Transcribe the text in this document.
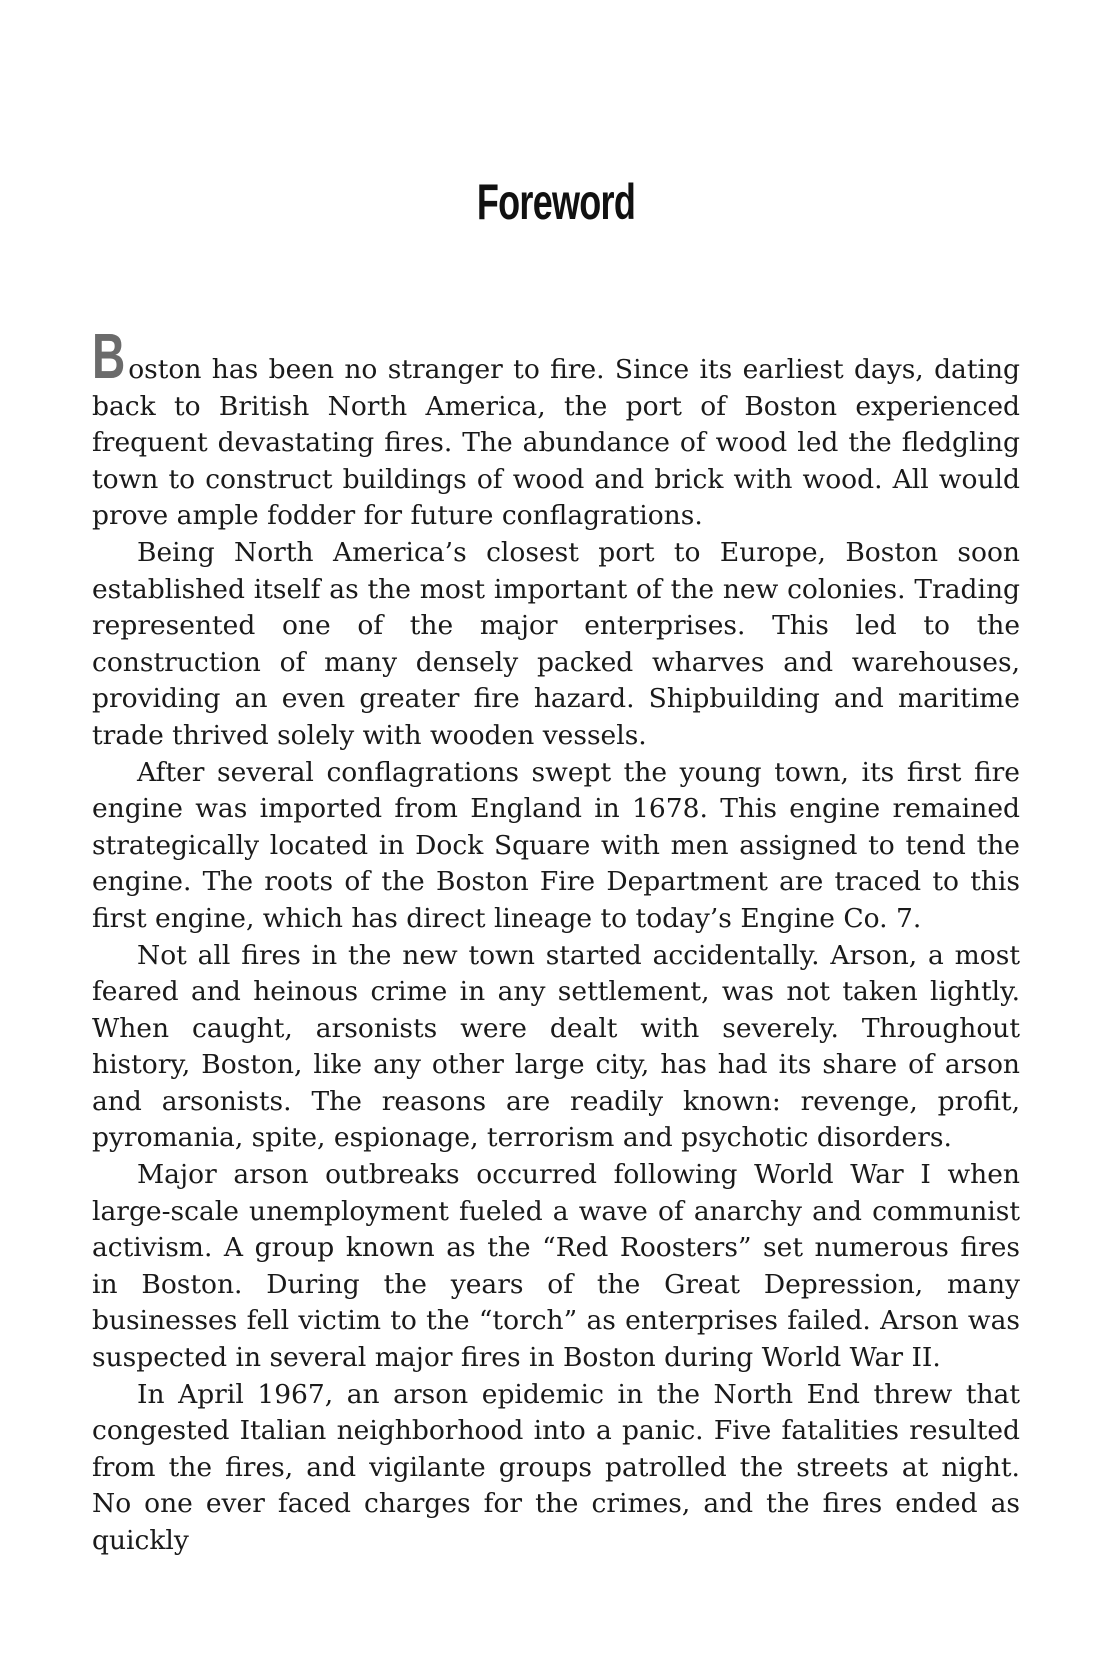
Foreword

Boston has been no stranger to fire. Since its earliest days, dating back to British North America, the port of Boston experienced frequent devastating fires. The abundance of wood led the fledgling town to construct buildings of wood and brick with wood. All would prove ample fodder for future conflagrations.

Being North America’s closest port to Europe, Boston soon established itself as the most important of the new colonies. Trading represented one of the major enterprises. This led to the construction of many densely packed wharves and warehouses, providing an even greater fire hazard. Shipbuilding and maritime trade thrived solely with wooden vessels.

After several conflagrations swept the young town, its first fire engine was imported from England in 1678. This engine remained strategically located in Dock Square with men assigned to tend the engine. The roots of the Boston Fire Department are traced to this first engine, which has direct lineage to today’s Engine Co. 7.

Not all fires in the new town started accidentally. Arson, a most feared and heinous crime in any settlement, was not taken lightly. When caught, arsonists were dealt with severely. Throughout history, Boston, like any other large city, has had its share of arson and arsonists. The reasons are readily known: revenge, profit, pyromania, spite, espionage, terrorism and psychotic disorders.

Major arson outbreaks occurred following World War I when large-scale unemployment fueled a wave of anarchy and communist activism. A group known as the “Red Roosters” set numerous fires in Boston. During the years of the Great Depression, many businesses fell victim to the “torch” as enterprises failed. Arson was suspected in several major fires in Boston during World War II.

In April 1967, an arson epidemic in the North End threw that congested Italian neighborhood into a panic. Five fatalities resulted from the fires, and vigilante groups patrolled the streets at night. No one ever faced charges for the crimes, and the fires ended as quickly
